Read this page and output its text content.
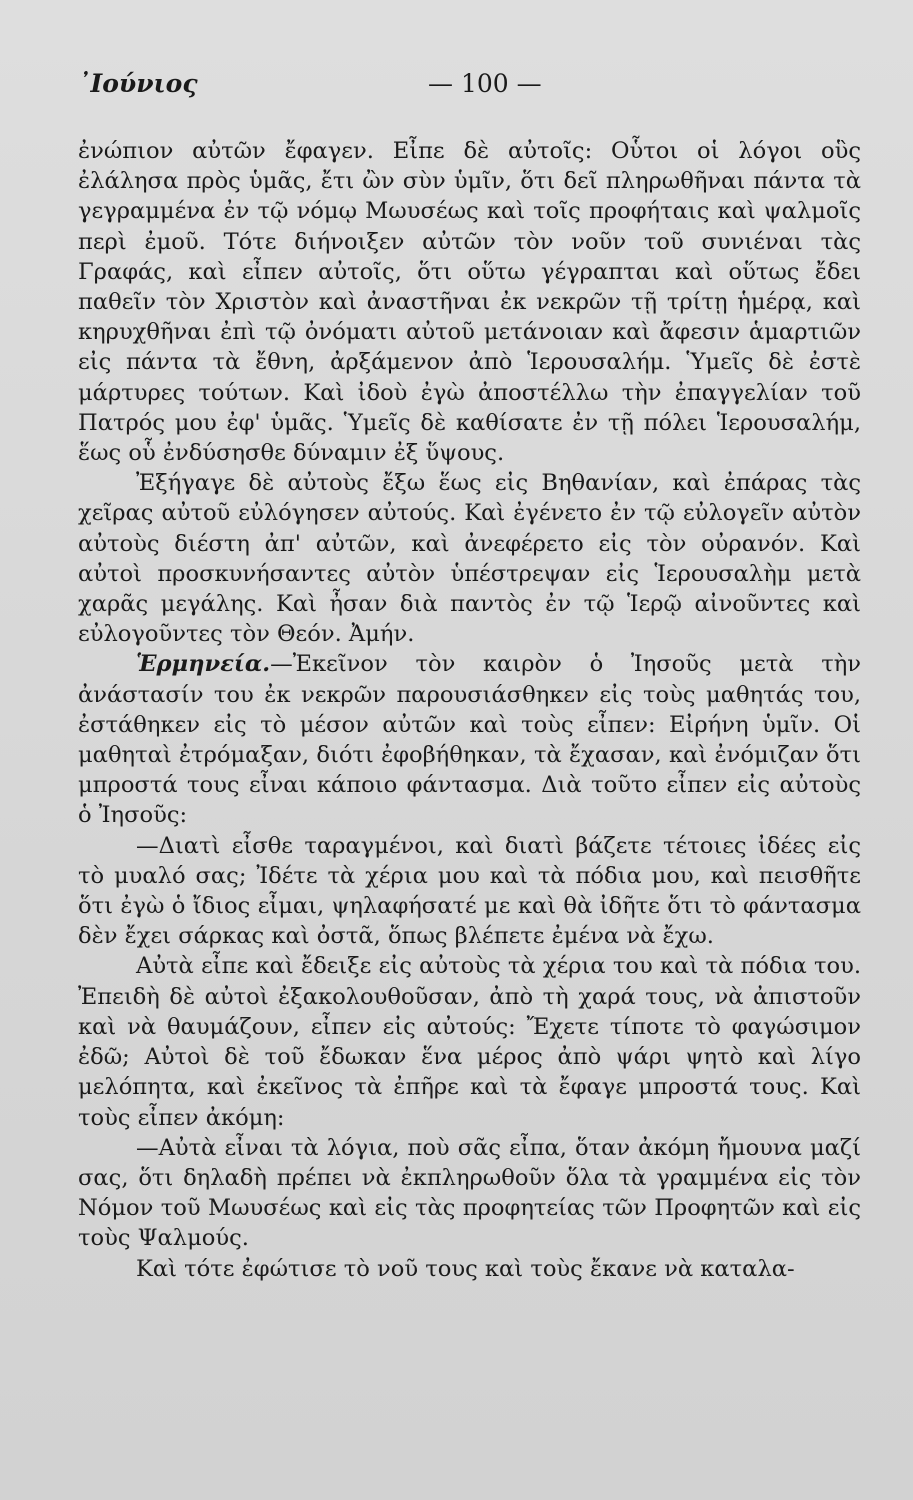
᾿Ιούνιος	— 100 —

ἐνώπιον αὐτῶν ἔφαγεν. Εἶπε δὲ αὐτοῖς: Οὗτοι οἱ λόγοι οὓς ἐλάλησα πρὸς ὑμᾶς, ἔτι ὢν σὺν ὑμῖν, ὅτι δεῖ πληρωθῆναι πάντα τὰ γεγραμμένα ἐν τῷ νόμῳ Μωυσέως καὶ τοῖς προφήταις καὶ ψαλμοῖς περὶ ἐμοῦ. Τότε διήνοιξεν αὐτῶν τὸν νοῦν τοῦ συνιέναι τὰς Γραφάς, καὶ εἶπεν αὐτοῖς, ὅτι οὕτω γέγραπται καὶ οὕτως ἔδει παθεῖν τὸν Χριστὸν καὶ ἀναστῆναι ἐκ νεκρῶν τῇ τρίτῃ ἡμέρᾳ, καὶ κηρυχθῆναι ἐπὶ τῷ ὀνόματι αὐτοῦ μετάνοιαν καὶ ἄφεσιν ἁμαρτιῶν εἰς πάντα τὰ ἔθνη, ἀρξάμενον ἀπὸ Ἱερουσαλήμ. Ὑμεῖς δὲ ἐστὲ μάρτυρες τούτων. Καὶ ἰδοὺ ἐγὼ ἀποστέλλω τὴν ἐπαγγελίαν τοῦ Πατρός μου ἐφ' ὑμᾶς. Ὑμεῖς δὲ καθίσατε ἐν τῇ πόλει Ἱερουσαλήμ, ἕως οὗ ἐνδύσησθε δύναμιν ἐξ ὕψους.

Ἐξήγαγε δὲ αὐτοὺς ἔξω ἕως εἰς Βηθανίαν, καὶ ἐπάρας τὰς χεῖρας αὐτοῦ εὐλόγησεν αὐτούς. Καὶ ἐγένετο ἐν τῷ εὐλογεῖν αὐτὸν αὐτοὺς διέστη ἀπ' αὐτῶν, καὶ ἀνεφέρετο εἰς τὸν οὐρανόν. Καὶ αὐτοὶ προσκυνήσαντες αὐτὸν ὑπέστρεψαν εἰς Ἱερουσαλὴμ μετὰ χαρᾶς μεγάλης. Καὶ ἦσαν διὰ παντὸς ἐν τῷ Ἱερῷ αἰνοῦντες καὶ εὐλογοῦντες τὸν Θεόν. Ἀμήν.

Ἑρμηνεία.—Ἐκεῖνον τὸν καιρὸν ὁ Ἰησοῦς μετὰ τὴν ἀνάστασίν του ἐκ νεκρῶν παρουσιάσθηκεν εἰς τοὺς μαθητάς του, ἐστάθηκεν εἰς τὸ μέσον αὐτῶν καὶ τοὺς εἶπεν: Εἰρήνη ὑμῖν. Οἱ μαθηταὶ ἐτρόμαξαν, διότι ἐφοβήθηκαν, τὰ ἔχασαν, καὶ ἐνόμιζαν ὅτι μπροστά τους εἶναι κάποιο φάντασμα. Διὰ τοῦτο εἶπεν εἰς αὐτοὺς ὁ Ἰησοῦς:

—Διατὶ εἶσθε ταραγμένοι, καὶ διατὶ βάζετε τέτοιες ἰδέες εἰς τὸ μυαλό σας; Ἰδέτε τὰ χέρια μου καὶ τὰ πόδια μου, καὶ πεισθῆτε ὅτι ἐγὼ ὁ ἴδιος εἶμαι, ψηλαφήσατέ με καὶ θὰ ἰδῆτε ὅτι τὸ φάντασμα δὲν ἔχει σάρκας καὶ ὀστᾶ, ὅπως βλέπετε ἐμένα νὰ ἔχω.

Αὐτὰ εἶπε καὶ ἔδειξε εἰς αὐτοὺς τὰ χέρια του καὶ τὰ πόδια του. Ἐπειδὴ δὲ αὐτοὶ ἐξακολουθοῦσαν, ἀπὸ τὴ χαρά τους, νὰ ἀπιστοῦν καὶ νὰ θαυμάζουν, εἶπεν εἰς αὐτούς: Ἔχετε τίποτε τὸ φαγώσιμον ἐδῶ; Αὐτοὶ δὲ τοῦ ἔδωκαν ἕνα μέρος ἀπὸ ψάρι ψητὸ καὶ λίγο μελόπητα, καὶ ἐκεῖνος τὰ ἐπῆρε καὶ τὰ ἔφαγε μπροστά τους. Καὶ τοὺς εἶπεν ἀκόμη:

—Αὐτὰ εἶναι τὰ λόγια, ποὺ σᾶς εἶπα, ὅταν ἀκόμη ἤμουνα μαζί σας, ὅτι δηλαδὴ πρέπει νὰ ἐκπληρωθοῦν ὅλα τὰ γραμμένα εἰς τὸν Νόμον τοῦ Μωυσέως καὶ εἰς τὰς προφητείας τῶν Προφητῶν καὶ εἰς τοὺς Ψαλμούς.

Καὶ τότε ἐφώτισε τὸ νοῦ τους καὶ τοὺς ἔκανε νὰ καταλα-
